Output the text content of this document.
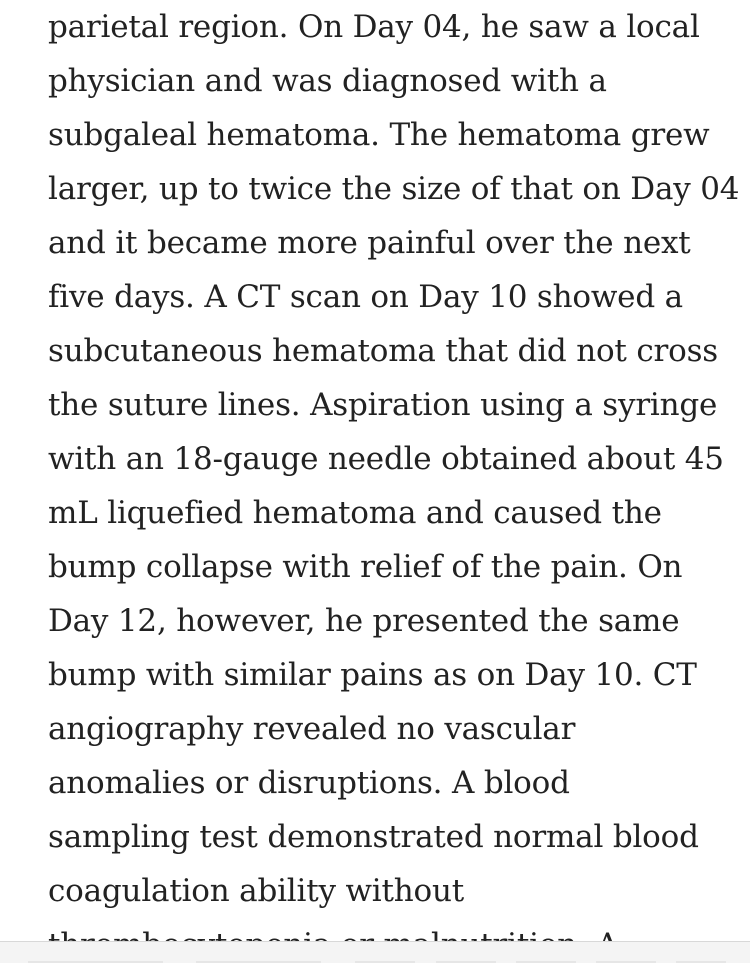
parietal region. On Day 04, he saw a local
physician and was diagnosed with a
subgaleal hematoma. The hematoma grew
larger, up to twice the size of that on Day 04
and it became more painful over the next
five days. A CT scan on Day 10 showed a
subcutaneous hematoma that did not cross
the suture lines. Aspiration using a syringe
with an 18-gauge needle obtained about 45
mL liquefied hematoma and caused the
bump collapse with relief of the pain. On
Day 12, however, he presented the same
bump with similar pains as on Day 10. CT
angiography revealed no vascular
anomalies or disruptions. A blood
sampling test demonstrated normal blood
coagulation ability without
